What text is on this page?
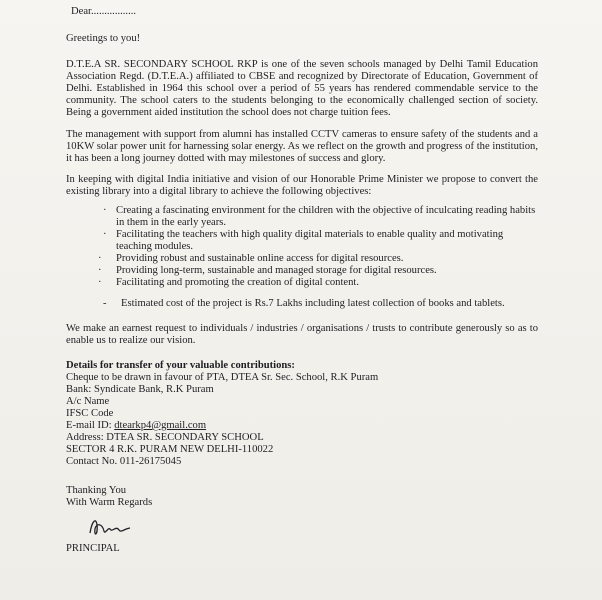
Dear.................

Greetings to you!

D.T.E.A SR. SECONDARY SCHOOL RKP is one of the seven schools managed by Delhi Tamil Education Association Regd. (D.T.E.A.) affiliated to CBSE and recognized by Directorate of Education, Government of Delhi. Established in 1964 this school over a period of 55 years has rendered commendable service to the community. The school caters to the students belonging to the economically challenged section of society. Being a government aided institution the school does not charge tuition fees.

The management with support from alumni has installed CCTV cameras to ensure safety of the students and a 10KW solar power unit for harnessing solar energy. As we reflect on the growth and progress of the institution, it has been a long journey dotted with may milestones of success and glory.

In keeping with digital India initiative and vision of our Honorable Prime Minister we propose to convert the existing library into a digital library to achieve the following objectives:

· Creating a fascinating environment for the children with the objective of inculcating reading habits in them in the early years.
· Facilitating the teachers with high quality digital materials to enable quality and motivating teaching modules.
· Providing robust and sustainable online access for digital resources.
· Providing long-term, sustainable and managed storage for digital resources.
· Facilitating and promoting the creation of digital content.

- Estimated cost of the project is Rs.7 Lakhs including latest collection of books and tablets.

We make an earnest request to individuals / industries / organisations / trusts to contribute generously so as to enable us to realize our vision.

Details for transfer of your valuable contributions:

Cheque to be drawn in favour of PTA, DTEA Sr. Sec. School, R.K Puram
Bank: Syndicate Bank, R.K Puram
A/c Name
IFSC Code
E-mail ID: dtearkp4@gmail.com
Address: DTEA SR. SECONDARY SCHOOL
SECTOR 4 R.K. PURAM NEW DELHI-110022
Contact No. 011-26175045

Thanking You

With Warm Regards

PRINCIPAL
